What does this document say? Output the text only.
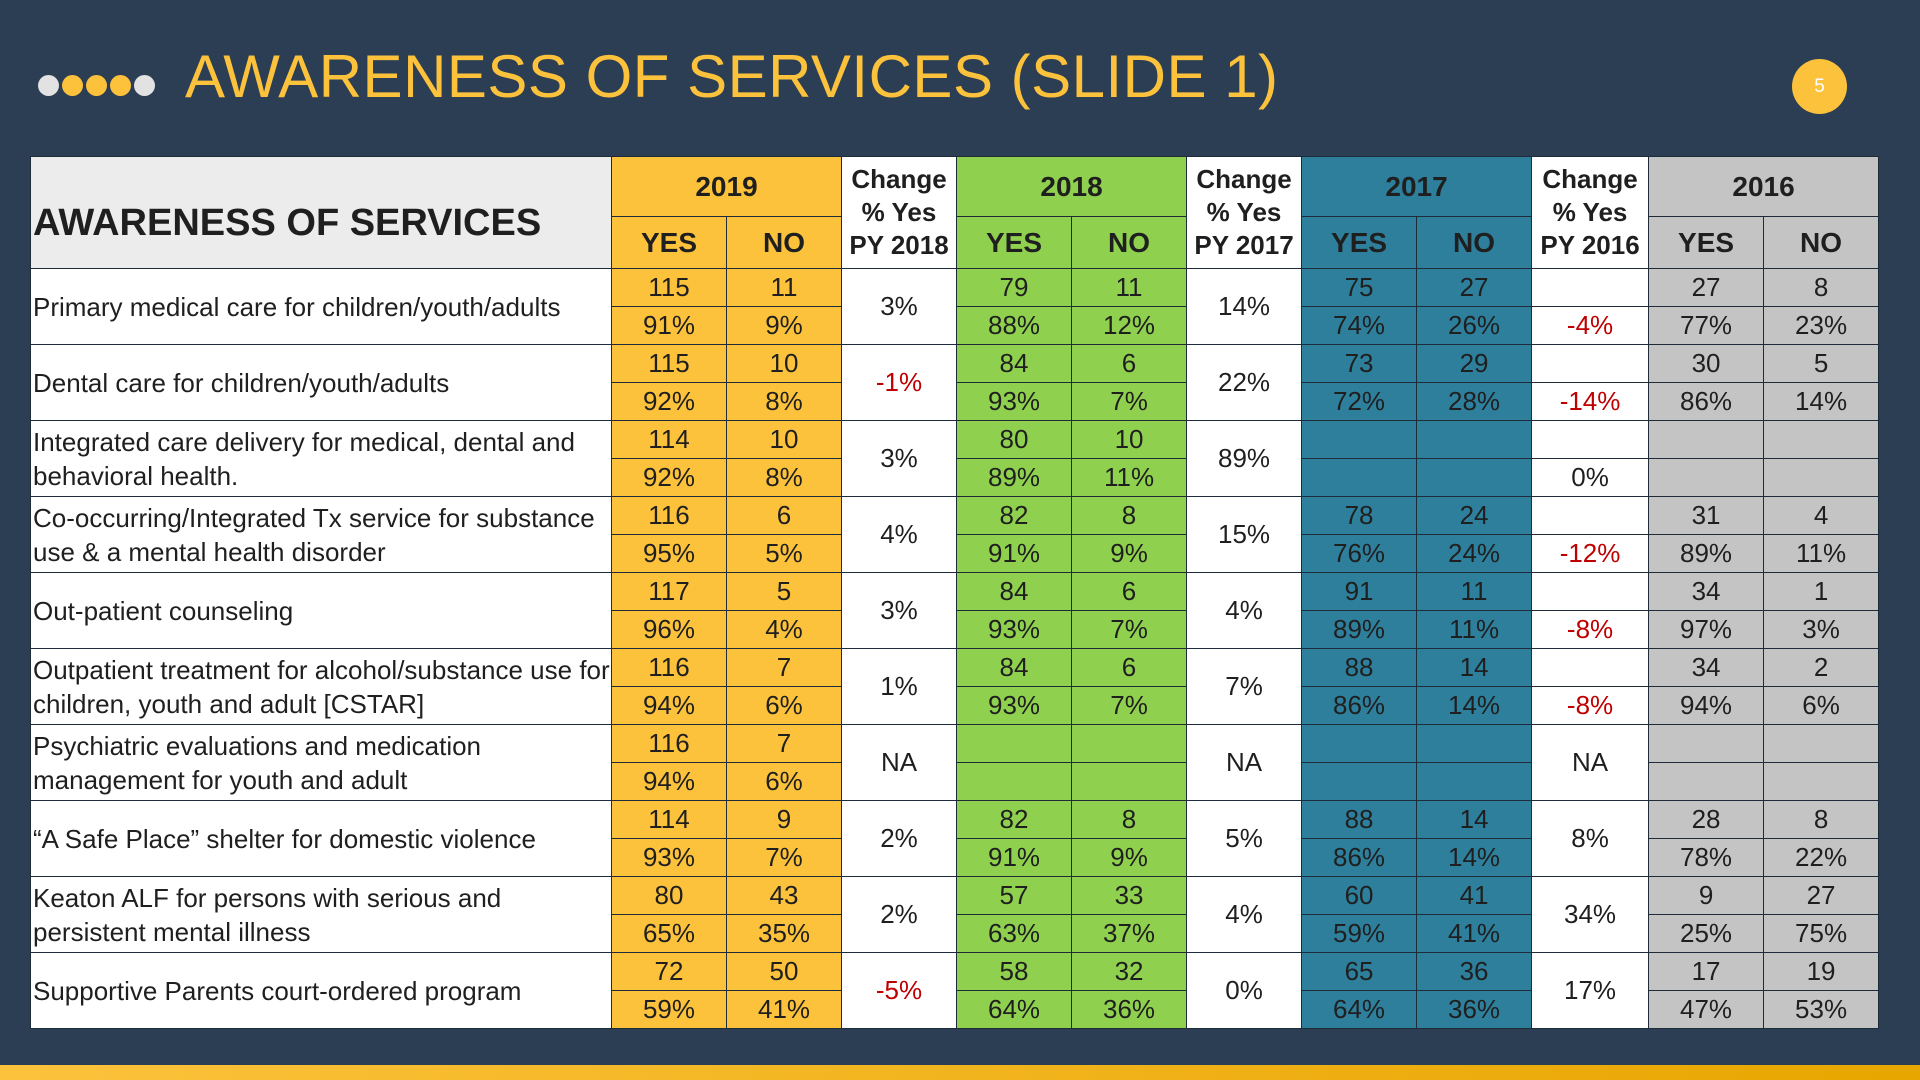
AWARENESS OF SERVICES (SLIDE 1)	5
AWARENESS OF SERVICES	2019		Change % Yes PY 2018	2018		Change % Yes PY 2017	2017		Change % Yes PY 2016	2016	
	YES	NO		YES	NO		YES	NO		YES	NO
Primary medical care for children/youth/adults	115	11	3%	79	11	14%	75	27		27	8
	91%	9%		88%	12%		74%	26%	-4%	77%	23%
Dental care for children/youth/adults	115	10	-1%	84	6	22%	73	29		30	5
	92%	8%		93%	7%		72%	28%	-14%	86%	14%
Integrated care delivery for medical, dental and behavioral health.	114	10	3%	80	10	89%					
	92%	8%		89%	11%				0%		
Co-occurring/Integrated Tx service for substance use & a mental health disorder	116	6	4%	82	8	15%	78	24		31	4
	95%	5%		91%	9%		76%	24%	-12%	89%	11%
Out-patient counseling	117	5	3%	84	6	4%	91	11		34	1
	96%	4%		93%	7%		89%	11%	-8%	97%	3%
Outpatient treatment for alcohol/substance use for children, youth and adult [CSTAR]	116	7	1%	84	6	7%	88	14		34	2
	94%	6%		93%	7%		86%	14%	-8%	94%	6%
Psychiatric evaluations and medication management for youth and adult	116	7	NA			NA			NA		
	94%	6%									
“A Safe Place” shelter for domestic violence	114	9	2%	82	8	5%	88	14	8%	28	8
	93%	7%		91%	9%		86%	14%		78%	22%
Keaton ALF for persons with serious and persistent mental illness	80	43	2%	57	33	4%	60	41	34%	9	27
	65%	35%		63%	37%		59%	41%		25%	75%
Supportive Parents court-ordered program	72	50	-5%	58	32	0%	65	36	17%	17	19
	59%	41%		64%	36%		64%	36%		47%	53%
